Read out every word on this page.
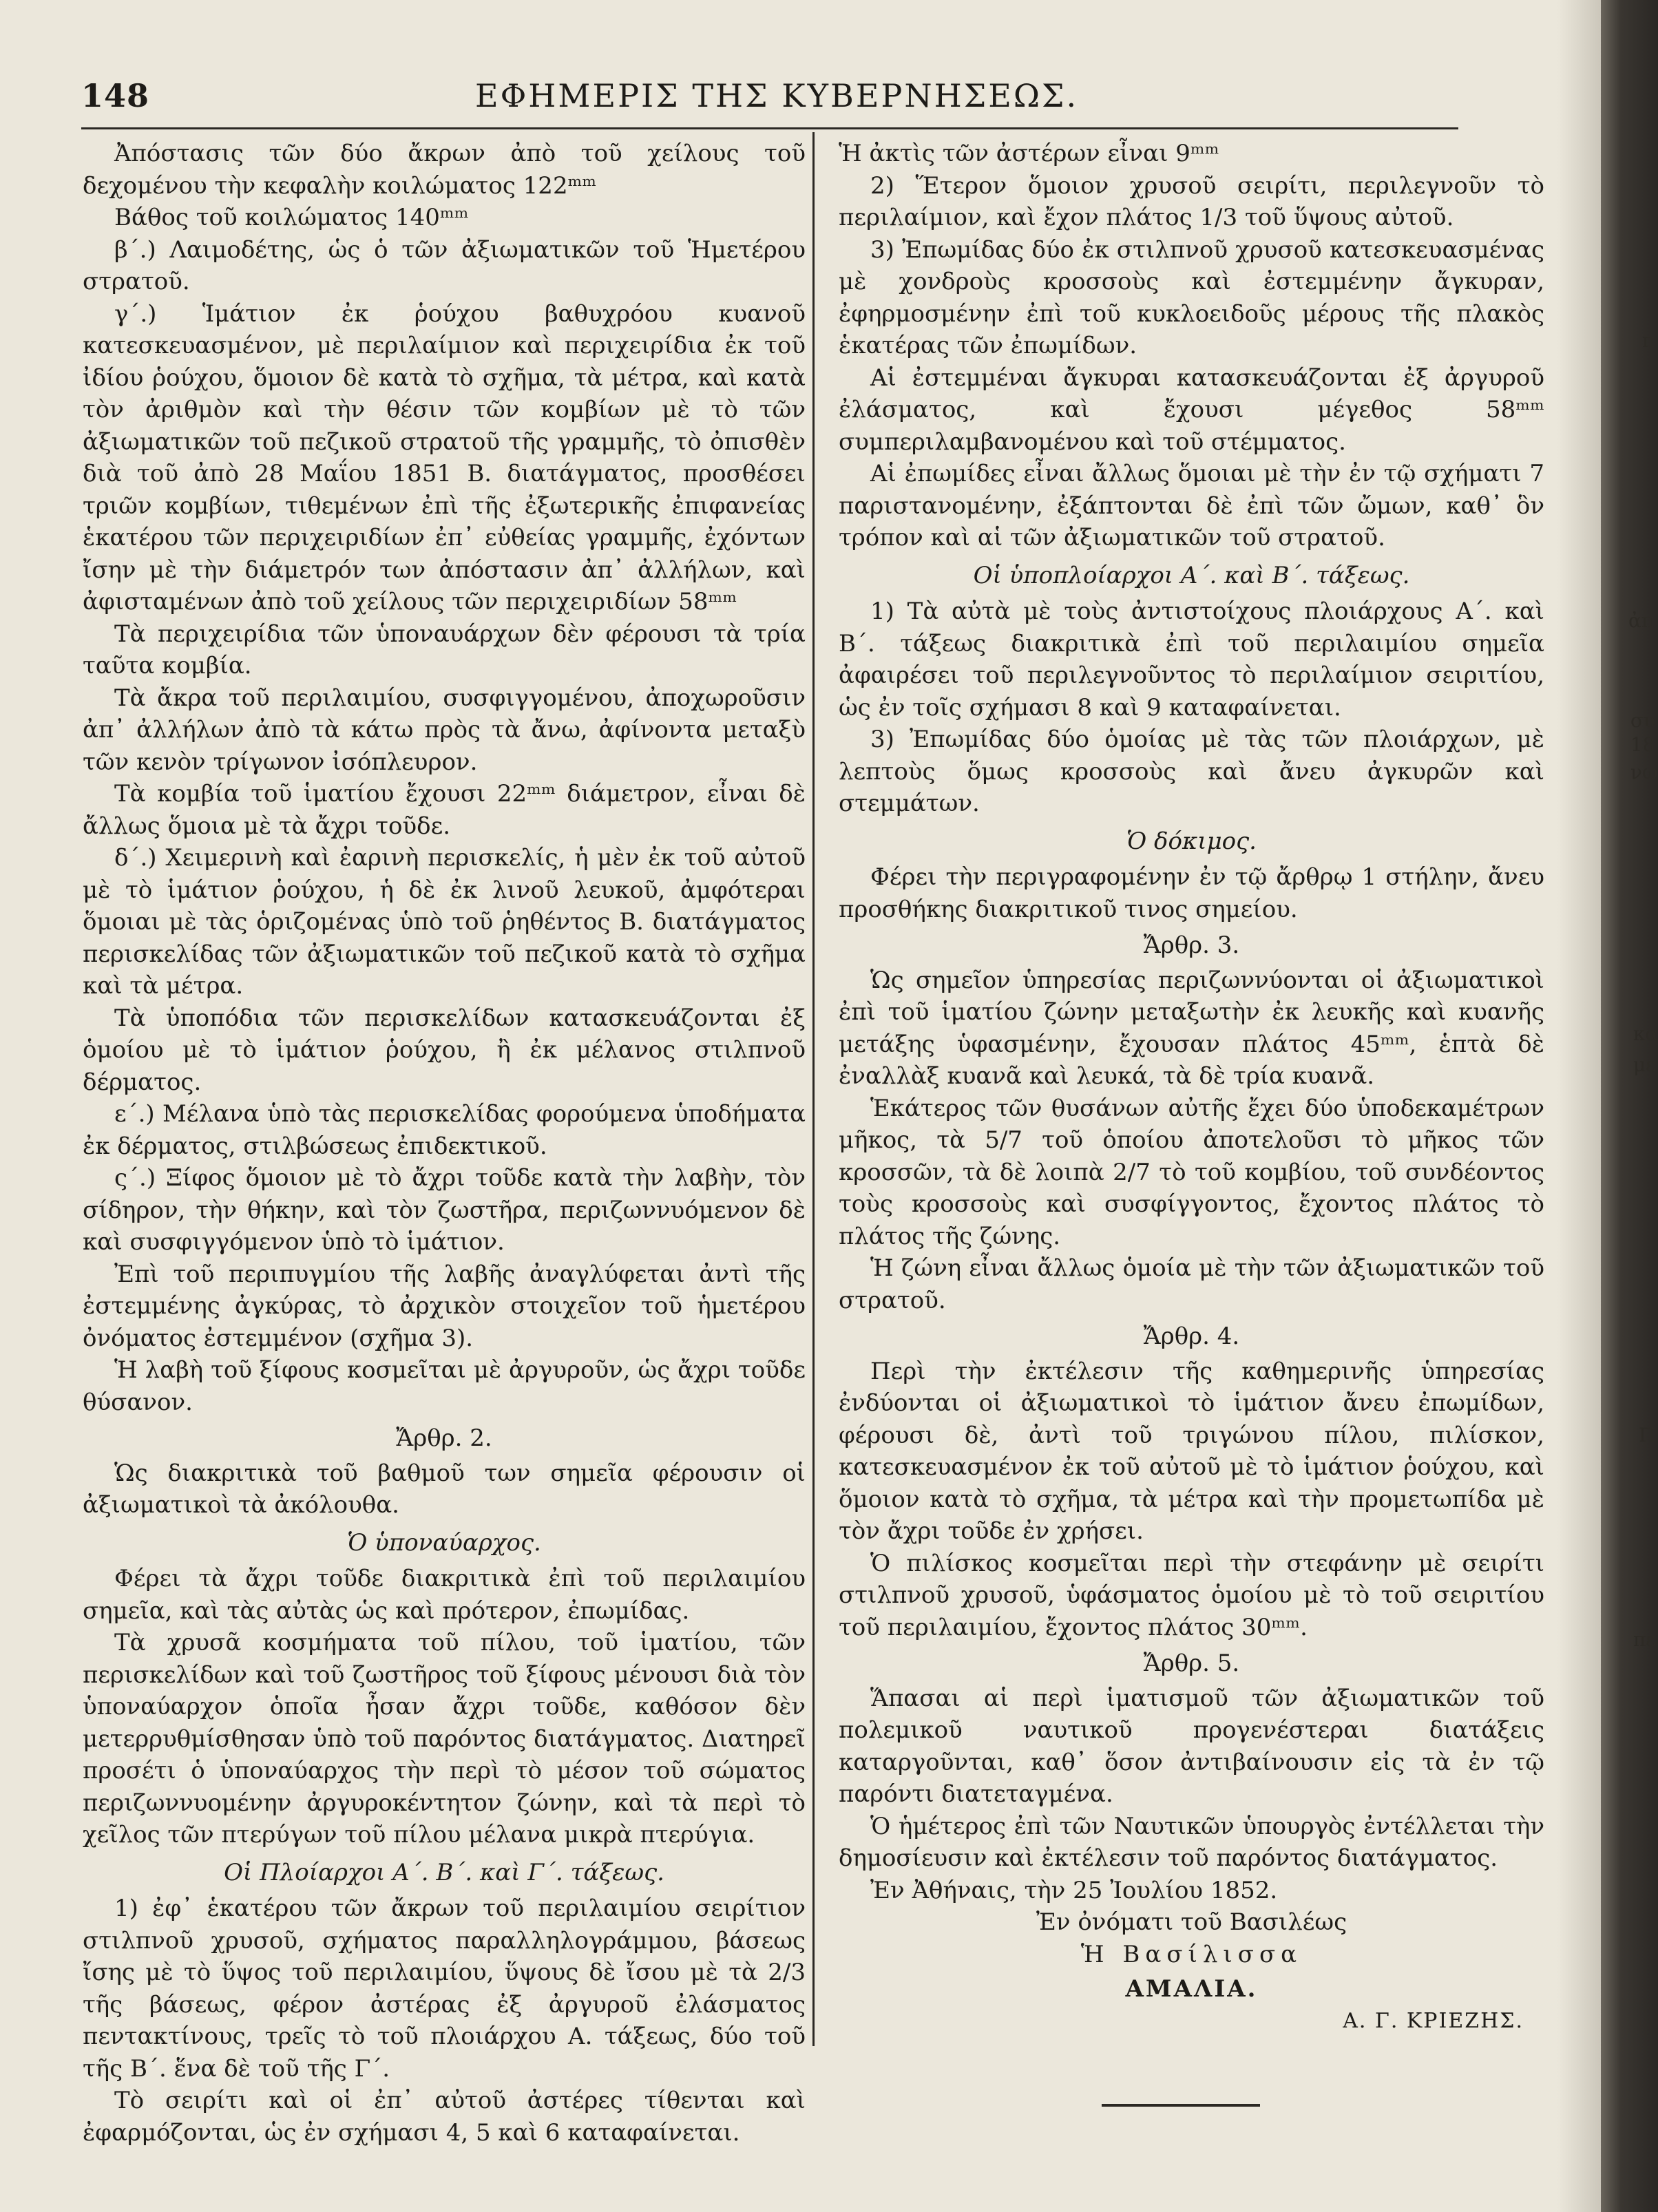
148	ΕΦΗΜΕΡΙΣ ΤΗΣ ΚΥΒΕΡΝΗΣΕΩΣ.

Ἀπόστασις τῶν δύο ἄκρων ἀπὸ τοῦ χείλους τοῦ δεχομένου τὴν κεφαλὴν κοιλώματος 122ᵐᵐ

Βάθος τοῦ κοιλώματος 140ᵐᵐ

β΄.) Λαιμοδέτης, ὡς ὁ τῶν ἀξιωματικῶν τοῦ Ἡμετέρου στρατοῦ.

γ΄.) Ἱμάτιον ἐκ ῥούχου βαθυχρόου κυανοῦ κατεσκευασμένον, μὲ περιλαίμιον καὶ περιχειρίδια ἐκ τοῦ ἰδίου ῥούχου, ὅμοιον δὲ κατὰ τὸ σχῆμα, τὰ μέτρα, καὶ κατὰ τὸν ἀριθμὸν καὶ τὴν θέσιν τῶν κομβίων μὲ τὸ τῶν ἀξιωματικῶν τοῦ πεζικοῦ στρατοῦ τῆς γραμμῆς, τὸ ὀπισθὲν διὰ τοῦ ἀπὸ 28 Μαΐου 1851 Β. διατάγματος, προσθέσει τριῶν κομβίων, τιθεμένων ἐπὶ τῆς ἐξωτερικῆς ἐπιφανείας ἑκατέρου τῶν περιχειριδίων ἐπ᾽ εὐθείας γραμμῆς, ἐχόντων ἴσην μὲ τὴν διάμετρόν των ἀπόστασιν ἀπ᾽ ἀλλήλων, καὶ ἀφισταμένων ἀπὸ τοῦ χείλους τῶν περιχειριδίων 58ᵐᵐ

Τὰ περιχειρίδια τῶν ὑποναυάρχων δὲν φέρουσι τὰ τρία ταῦτα κομβία.

Τὰ ἄκρα τοῦ περιλαιμίου, συσφιγγομένου, ἀποχωροῦσιν ἀπ᾽ ἀλλήλων ἀπὸ τὰ κάτω πρὸς τὰ ἄνω, ἀφίνοντα μεταξὺ τῶν κενὸν τρίγωνον ἰσόπλευρον.

Τὰ κομβία τοῦ ἱματίου ἔχουσι 22ᵐᵐ διάμετρον, εἶναι δὲ ἄλλως ὅμοια μὲ τὰ ἄχρι τοῦδε.

δ΄.) Χειμερινὴ καὶ ἐαρινὴ περισκελίς, ἡ μὲν ἐκ τοῦ αὐτοῦ μὲ τὸ ἱμάτιον ῥούχου, ἡ δὲ ἐκ λινοῦ λευκοῦ, ἀμφότεραι ὅμοιαι μὲ τὰς ὁριζομένας ὑπὸ τοῦ ῥηθέντος Β. διατάγματος περισκελίδας τῶν ἀξιωματικῶν τοῦ πεζικοῦ κατὰ τὸ σχῆμα καὶ τὰ μέτρα.

Τὰ ὑποπόδια τῶν περισκελίδων κατασκευάζονται ἐξ ὁμοίου μὲ τὸ ἱμάτιον ῥούχου, ἢ ἐκ μέλανος στιλπνοῦ δέρματος.

ε΄.) Μέλανα ὑπὸ τὰς περισκελίδας φορούμενα ὑποδήματα ἐκ δέρματος, στιλβώσεως ἐπιδεκτικοῦ.

ς΄.) Ξίφος ὅμοιον μὲ τὸ ἄχρι τοῦδε κατὰ τὴν λαβὴν, τὸν σίδηρον, τὴν θήκην, καὶ τὸν ζωστῆρα, περιζωννυόμενον δὲ καὶ συσφιγγόμενον ὑπὸ τὸ ἱμάτιον.

Ἐπὶ τοῦ περιπυγμίου τῆς λαβῆς ἀναγλύφεται ἀντὶ τῆς ἐστεμμένης ἀγκύρας, τὸ ἀρχικὸν στοιχεῖον τοῦ ἡμετέρου ὀνόματος ἐστεμμένον (σχῆμα 3).

Ἡ λαβὴ τοῦ ξίφους κοσμεῖται μὲ ἀργυροῦν, ὡς ἄχρι τοῦδε θύσανον.

Ἄρθρ. 2.

Ὡς διακριτικὰ τοῦ βαθμοῦ των σημεῖα φέρουσιν οἱ ἀξιωματικοὶ τὰ ἀκόλουθα.

Ὁ ὑποναύαρχος.

Φέρει τὰ ἄχρι τοῦδε διακριτικὰ ἐπὶ τοῦ περιλαιμίου σημεῖα, καὶ τὰς αὐτὰς ὡς καὶ πρότερον, ἐπωμίδας.

Τὰ χρυσᾶ κοσμήματα τοῦ πίλου, τοῦ ἱματίου, τῶν περισκελίδων καὶ τοῦ ζωστῆρος τοῦ ξίφους μένουσι διὰ τὸν ὑποναύαρχον ὁποῖα ἦσαν ἄχρι τοῦδε, καθόσον δὲν μετερρυθμίσθησαν ὑπὸ τοῦ παρόντος διατάγματος. Διατηρεῖ προσέτι ὁ ὑποναύαρχος τὴν περὶ τὸ μέσον τοῦ σώματος περιζωννυομένην ἀργυροκέντητον ζώνην, καὶ τὰ περὶ τὸ χεῖλος τῶν πτερύγων τοῦ πίλου μέλανα μικρὰ πτερύγια.

Οἱ Πλοίαρχοι Α΄. Β΄. καὶ Γ΄. τάξεως.

1) ἐφ᾽ ἑκατέρου τῶν ἄκρων τοῦ περιλαιμίου σειρίτιον στιλπνοῦ χρυσοῦ, σχήματος παραλληλογράμμου, βάσεως ἴσης μὲ τὸ ὕψος τοῦ περιλαιμίου, ὕψους δὲ ἴσου μὲ τὰ 2/3 τῆς βάσεως, φέρον ἀστέρας ἐξ ἀργυροῦ ἐλάσματος πεντακτίνους, τρεῖς τὸ τοῦ πλοιάρχου Α. τάξεως, δύο τοῦ τῆς Β΄. ἕνα δὲ τοῦ τῆς Γ΄.

Τὸ σειρίτι καὶ οἱ ἐπ᾽ αὐτοῦ ἀστέρες τίθενται καὶ ἐφαρμόζονται, ὡς ἐν σχήμασι 4, 5 καὶ 6 καταφαίνεται.

Ἡ ἀκτὶς τῶν ἀστέρων εἶναι 9ᵐᵐ

2) Ἕτερον ὅμοιον χρυσοῦ σειρίτι, περιλεγνοῦν τὸ περιλαίμιον, καὶ ἔχον πλάτος 1/3 τοῦ ὕψους αὐτοῦ.

3) Ἐπωμίδας δύο ἐκ στιλπνοῦ χρυσοῦ κατεσκευασμένας μὲ χονδροὺς κροσσοὺς καὶ ἐστεμμένην ἄγκυραν, ἐφηρμοσμένην ἐπὶ τοῦ κυκλοειδοῦς μέρους τῆς πλακὸς ἑκατέρας τῶν ἐπωμίδων.

Αἱ ἐστεμμέναι ἄγκυραι κατασκευάζονται ἐξ ἀργυροῦ ἐλάσματος, καὶ ἔχουσι μέγεθος 58ᵐᵐ συμπεριλαμβανομένου καὶ τοῦ στέμματος.

Αἱ ἐπωμίδες εἶναι ἄλλως ὅμοιαι μὲ τὴν ἐν τῷ σχήματι 7 παριστανομένην, ἐξάπτονται δὲ ἐπὶ τῶν ὤμων, καθ᾽ ὃν τρόπον καὶ αἱ τῶν ἀξιωματικῶν τοῦ στρατοῦ.

Οἱ ὑποπλοίαρχοι Α΄. καὶ Β΄. τάξεως.

1) Τὰ αὐτὰ μὲ τοὺς ἀντιστοίχους πλοιάρχους Α΄. καὶ Β΄. τάξεως διακριτικὰ ἐπὶ τοῦ περιλαιμίου σημεῖα ἀφαιρέσει τοῦ περιλεγνοῦντος τὸ περιλαίμιον σειριτίου, ὡς ἐν τοῖς σχήμασι 8 καὶ 9 καταφαίνεται.

3) Ἐπωμίδας δύο ὁμοίας μὲ τὰς τῶν πλοιάρχων, μὲ λεπτοὺς ὅμως κροσσοὺς καὶ ἄνευ ἀγκυρῶν καὶ στεμμάτων.

Ὁ δόκιμος.

Φέρει τὴν περιγραφομένην ἐν τῷ ἄρθρῳ 1 στήλην, ἄνευ προσθήκης διακριτικοῦ τινος σημείου.

Ἄρθρ. 3.

Ὡς σημεῖον ὑπηρεσίας περιζωννύονται οἱ ἀξιωματικοὶ ἐπὶ τοῦ ἱματίου ζώνην μεταξωτὴν ἐκ λευκῆς καὶ κυανῆς μετάξης ὑφασμένην, ἔχουσαν πλάτος 45ᵐᵐ, ἑπτὰ δὲ ἐναλλὰξ κυανᾶ καὶ λευκά, τὰ δὲ τρία κυανᾶ.

Ἑκάτερος τῶν θυσάνων αὐτῆς ἔχει δύο ὑποδεκαμέτρων μῆκος, τὰ 5/7 τοῦ ὁποίου ἀποτελοῦσι τὸ μῆκος τῶν κροσσῶν, τὰ δὲ λοιπὰ 2/7 τὸ τοῦ κομβίου, τοῦ συνδέοντος τοὺς κροσσοὺς καὶ συσφίγγοντος, ἔχοντος πλάτος τὸ πλάτος τῆς ζώνης.

Ἡ ζώνη εἶναι ἄλλως ὁμοία μὲ τὴν τῶν ἀξιωματικῶν τοῦ στρατοῦ.

Ἄρθρ. 4.

Περὶ τὴν ἐκτέλεσιν τῆς καθημερινῆς ὑπηρεσίας ἐνδύονται οἱ ἀξιωματικοὶ τὸ ἱμάτιον ἄνευ ἐπωμίδων, φέρουσι δὲ, ἀντὶ τοῦ τριγώνου πίλου, πιλίσκον, κατεσκευασμένον ἐκ τοῦ αὐτοῦ μὲ τὸ ἱμάτιον ῥούχου, καὶ ὅμοιον κατὰ τὸ σχῆμα, τὰ μέτρα καὶ τὴν προμετωπίδα μὲ τὸν ἄχρι τοῦδε ἐν χρήσει.

Ὁ πιλίσκος κοσμεῖται περὶ τὴν στεφάνην μὲ σειρίτι στιλπνοῦ χρυσοῦ, ὑφάσματος ὁμοίου μὲ τὸ τοῦ σειριτίου τοῦ περιλαιμίου, ἔχοντος πλάτος 30ᵐᵐ.

Ἄρθρ. 5.

Ἅπασαι αἱ περὶ ἱματισμοῦ τῶν ἀξιωματικῶν τοῦ πολεμικοῦ ναυτικοῦ προγενέστεραι διατάξεις καταργοῦνται, καθ᾽ ὅσον ἀντιβαίνουσιν εἰς τὰ ἐν τῷ παρόντι διατεταγμένα.

Ὁ ἡμέτερος ἐπὶ τῶν Ναυτικῶν ὑπουργὸς ἐντέλλεται τὴν δημοσίευσιν καὶ ἐκτέλεσιν τοῦ παρόντος διατάγματος.

Ἐν Ἀθήναις, τὴν 25 Ἰουλίου 1852.

Ἐν ὀνόματι τοῦ Βασιλέως

Ἡ Βασίλισσα

ΑΜΑΛΙΑ.

Α. Γ. ΚΡΙΕΖΗΣ.

π
ἀπ
συ
18
νω
κα
με
Π
πε
